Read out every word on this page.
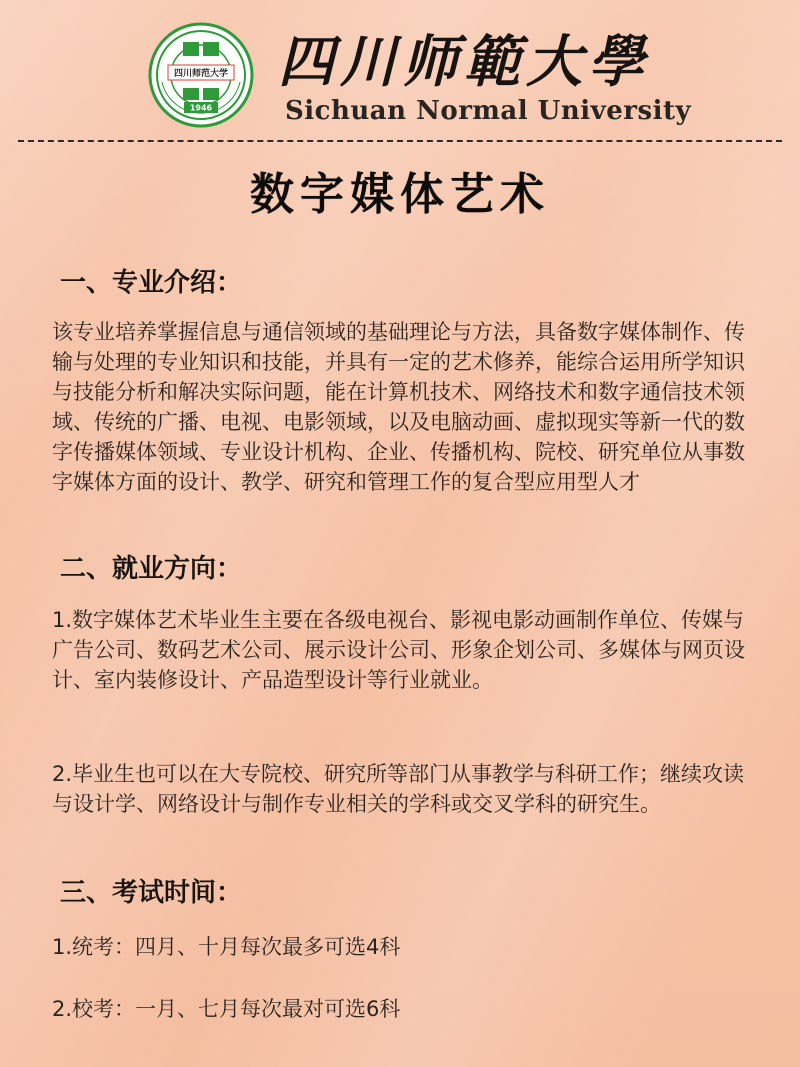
1946
四川师范大学 四川师範大學
Sichuan Normal University
数字媒体艺术
一、专业介绍：

该专业培养掌握信息与通信领域的基础理论与方法，具备数字媒体制作、传输与处理的专业知识和技能，并具有一定的艺术修养，能综合运用所学知识与技能分析和解决实际问题，能在计算机技术、网络技术和数字通信技术领域、传统的广播、电视、电影领域，以及电脑动画、虚拟现实等新一代的数字传播媒体领域、专业设计机构、企业、传播机构、院校、研究单位从事数字媒体方面的设计、教学、研究和管理工作的复合型应用型人才

二、就业方向：

1.数字媒体艺术毕业生主要在各级电视台、影视电影动画制作单位、传媒与广告公司、数码艺术公司、展示设计公司、形象企划公司、多媒体与网页设计、室内装修设计、产品造型设计等行业就业。

2.毕业生也可以在大专院校、研究所等部门从事教学与科研工作；继续攻读与设计学、网络设计与制作专业相关的学科或交叉学科的研究生。

三、考试时间：

1.统考：四月、十月每次最多可选4科

2.校考：一月、七月每次最对可选6科
